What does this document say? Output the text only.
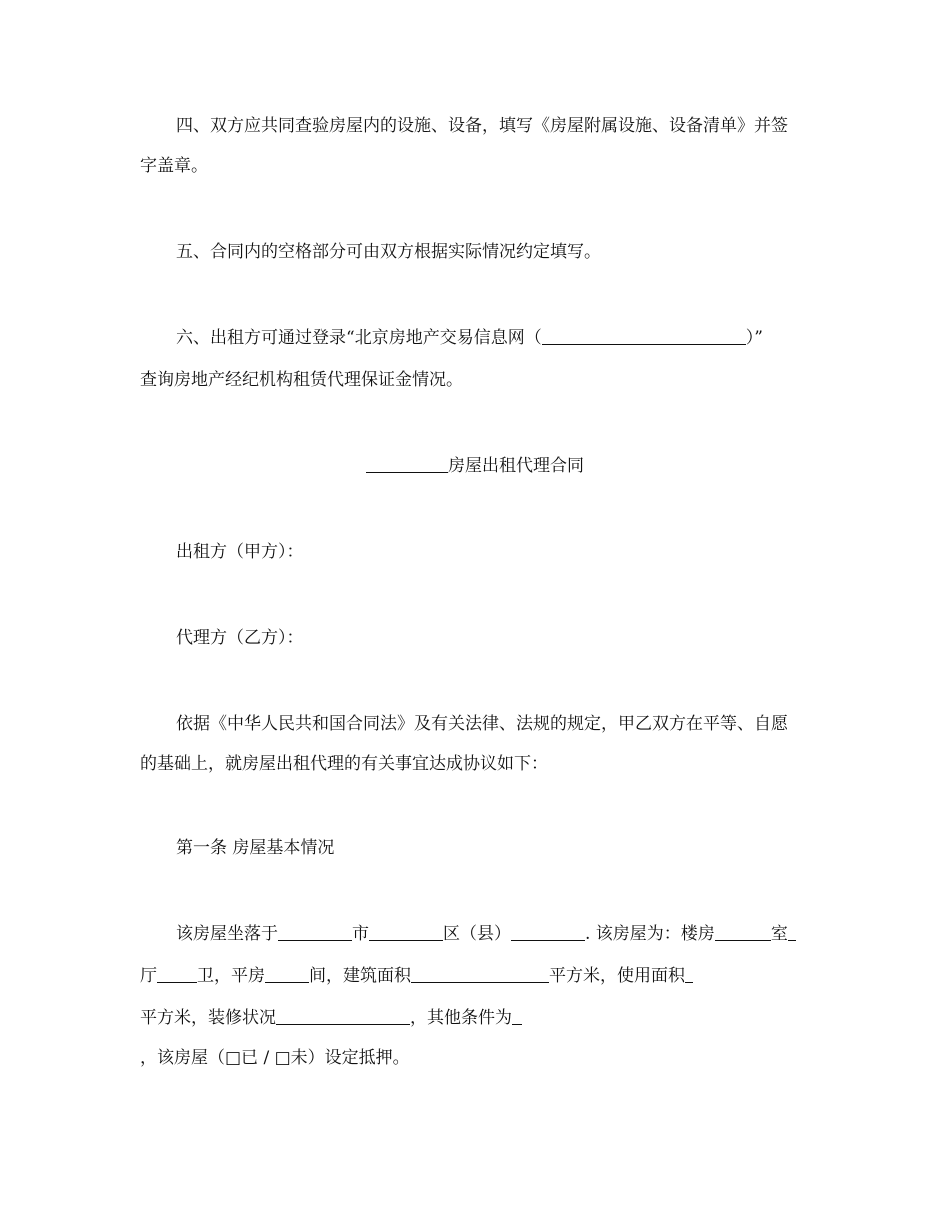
四、双方应共同查验房屋内的设施、设备，填写《房屋附属设施、设备清单》并签
字盖章。
五、合同内的空格部分可由双方根据实际情况约定填写。
六、出租方可通过登录“北京房地产交易信息网（	）”
查询房地产经纪机构租赁代理保证金情况。
房屋出租代理合同
出租方（甲方）：
代理方（乙方）：
依据《中华人民共和国合同法》及有关法律、法规的规定，甲乙双方在平等、自愿
的基础上，就房屋出租代理的有关事宜达成协议如下：
第一条 房屋基本情况
该房屋坐落于	市	区（县）	. 该房屋为：楼房	室
厅 卫，平房	间，建筑面积	平方米，使用面积
平方米，装修状况	，其他条件为
，该房屋（□已 / □未）设定抵押。
